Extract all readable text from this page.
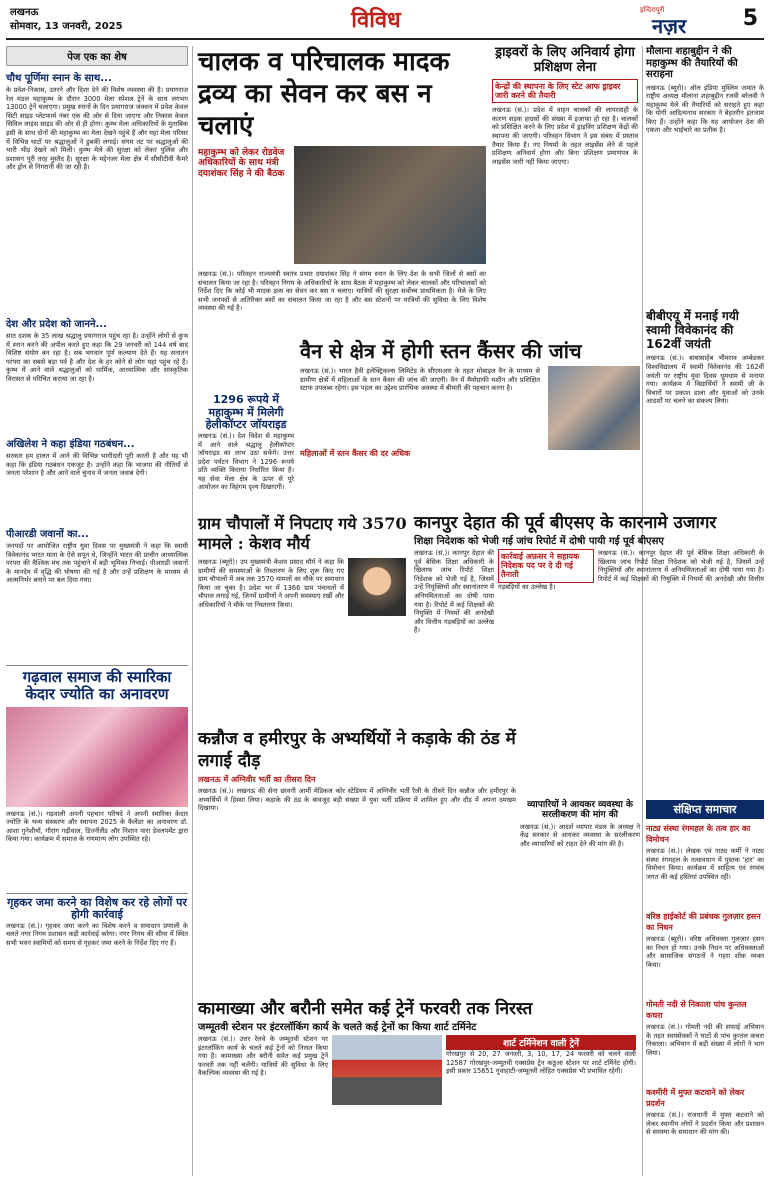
लखनऊ
सोमवार, 13 जनवरी, 2025	विविध	इन्दिरापुरी
नज़र	5
पेज एक का शेष
चौथ पूर्णिमा स्नान के साथ...

के प्रवेश-निकास, उतरने और दिशा देने की विशेष व्यवस्था की है। प्रयागराज रेल मंडल महाकुम्भ के दौरान 3000 मेला स्पेशल ट्रेनें के साथ लगभग 13000 ट्रेनें चलाएगा। प्रमुख स्नानों के दिन प्रयागराज जंक्शन में प्रवेश केवल सिटी साइड प्लेटफार्म नंबर एक की ओर से दिया जाएगा और निकास केवल सिविल लाइंस साइड की ओर से ही होगा। कुम्भ मेला अधिकारियों के मुताबिक इसी के साथ दोनों की महाकुम्भ का मेला देखने पहुंचे हैं और यहां मेला परिसर में विभिन्न घाटों पर श्रद्धालुओं ने डुबकी लगाई। संगम तट पर श्रद्धालुओं की भारी भीड़ देखने को मिली। कुम्भ मेले की सुरक्षा को लेकर पुलिस और प्रशासन पूरी तरह मुस्तैद है। सुरक्षा के मद्देनजर मेला क्षेत्र में सीसीटीवी कैमरे और ड्रोन से निगरानी की जा रही है।

देश और प्रदेश को जानने...

सात दशक के 35 लाख श्रद्धालु प्रयागराज पहुंच रहा है। उन्होंने लोगों से कुंभ में स्नान करने की अपील करते हुए कहा कि 29 जनवरी को 144 वर्ष बाद विशिष्ट संयोग बन रहा है। सब भगवान पूर्ण कल्याण देते हैं। यह सनातन परंपरा का सबसे बड़ा पर्व है और देश के हर कोने से लोग यहां पहुंच रहे हैं। कुम्भ में आने वाले श्रद्धालुओं को धार्मिक, आध्यात्मिक और सांस्कृतिक विरासत से परिचित कराया जा रहा है।

अखिलेश ने कहा इंडिया गठबंधन...

सरकार हम हालत में आने की विभिन्न भागीदारी पूरी करती है और यह भी कहा कि इंडिया गठबंधन एकजुट है। उन्होंने कहा कि भाजपा की नीतियों से जनता परेशान है और आने वाले चुनाव में जनता जवाब देगी।

पीआरडी जवानों का...

जनपदों पर आयोजित राष्ट्रीय युवा दिवस पर मुख्यमंत्री ने कहा कि स्वामी विवेकानंद भारत माता के ऐसे सपूत थे, जिन्होंने भारत की प्राचीन आध्यात्मिक परंपरा की वैश्विक मंच तक पहुंचाने में बड़ी भूमिका निभाई। पीआरडी जवानों के मानदेय में वृद्धि की घोषणा की गई है और उन्हें प्रशिक्षण के माध्यम से आत्मनिर्भर बनाने पर बल दिया गया।

गढ़वाल समाज की स्मारिका केदार ज्योति का अनावरण

लखनऊ (सं.)। गढ़वाली अपनी पहचान परिषदे ने अपनी स्मारिका केदार ज्योति के भव्य संस्करण और स्थापना 2025 के कैलेंडर का अनावरण डॉ. आशा गुनेशीयों, गौरांग गढ़ीवाल, डिज्नीलैंड और निशान पारा डेवलपमेंट द्वारा किया गया। कार्यक्रम में समाज के गणमान्य लोग उपस्थित रहे।

गृहकर जमा करने का विशेष कर रहे लोगों पर होगी कार्रवाई

लखनऊ (सं.)। गृहकर जमा करने का विशेष करने व समाधान प्रणाली के चलते नगर निगम प्रशासन कड़ी कार्रवाई करेगा। नगर निगम की सीमा में स्थित सभी भवन स्वामियों को समय से गृहकर जमा करने के निर्देश दिए गए हैं।

चालक व परिचालक मादक द्रव्य का सेवन कर बस न चलाएं
महाकुम्भ को लेकर रोडवेज अधिकारियों के साथ मंत्री दयाशंकर सिंह ने की बैठक

लखनऊ (सं.)। परिवहन राज्यमंत्री स्वतंत्र प्रभार दयाशंकर सिंह ने संगम स्नान के लिए देश के सभी जिलों से बसों का संचालन किया जा रहा है। परिवहन निगम के अधिकारियों के साथ बैठक में महाकुम्भ को लेकर चालकों और परिचालकों को निर्देश दिए कि कोई भी मादक द्रव्य का सेवन कर बस न चलाए। यात्रियों की सुरक्षा सर्वोच्च प्राथमिकता है। मेले के लिए सभी जनपदों से अतिरिक्त बसों का संचालन किया जा रहा है और बस स्टेशनों पर यात्रियों की सुविधा के लिए विशेष व्यवस्था की गई है।

1296 रूपये में महाकुम्भ में मिलेगी हेलीकॉप्टर जॉयराइड

लखनऊ (सं.)। देश विदेश से महाकुम्भ में आने वाले श्रद्धालु हेलीकॉप्टर जॉयराइड का लाभ उठा सकेंगे। उत्तर प्रदेश पर्यटन विभाग ने 1296 रूपये प्रति व्यक्ति किराया निर्धारित किया है। यह सेवा मेला क्षेत्र के ऊपर से पूरे आयोजन का विहंगम दृश्य दिखाएगी।

ड्राइवरों के लिए अनिवार्य होगा प्रशिक्षण लेना
केन्द्रों की स्थापना के लिए स्टेट आफ ड्राइवर जारी करने की तैयारी

लखनऊ (सं.)। प्रदेश में वाहन चालकों की लापरवाही के कारण सड़क हादसों की संख्या में इजाफा हो रहा है। चालकों को प्रशिक्षित करने के लिए प्रदेश में ड्राइविंग प्रशिक्षण केंद्रों की स्थापना की जाएगी। परिवहन विभाग ने इस संबंध में प्रस्ताव तैयार किया है। नए नियमों के तहत लाइसेंस लेने से पहले प्रशिक्षण अनिवार्य होगा और बिना प्रशिक्षण प्रमाणपत्र के लाइसेंस जारी नहीं किया जाएगा।

मौलाना शहाबुद्दीन ने की महाकुम्भ की तैयारियों की सराहना

लखनऊ (ब्यूरो)। ऑल इंडिया मुस्लिम जमात के राष्ट्रीय अध्यक्ष मौलाना शहाबुद्दीन रजवी बरेलवी ने महाकुम्भ मेले की तैयारियों को सराहते हुए कहा कि योगी आदित्यनाथ सरकार ने बेहतरीन इंतजाम किए हैं। उन्होंने कहा कि यह आयोजन देश की एकता और भाईचारे का प्रतीक है।

वैन से क्षेत्र में होगी स्तन कैंसर की जांच

लखनऊ (सं.)। भारत हैवी इलेक्ट्रिकल्स लिमिटेड के सीएसआर के तहत मोबाइल वैन के माध्यम से ग्रामीण क्षेत्रों में महिलाओं के स्तन कैंसर की जांच की जाएगी। वैन में मैमोग्राफी मशीन और प्रशिक्षित स्टाफ उपलब्ध रहेगा। इस पहल का उद्देश्य प्रारंभिक अवस्था में बीमारी की पहचान करना है।

महिलाओं में स्तन कैंसर की दर अधिक
बीबीएयू में मनाई गयी स्वामी विवेकानंद की 162वीं जयंती

लखनऊ (सं.)। बाबासाहेब भीमराव अम्बेडकर विश्वविद्यालय में स्वामी विवेकानंद की 162वीं जयंती पर राष्ट्रीय युवा दिवस धूमधाम से मनाया गया। कार्यक्रम में विद्यार्थियों ने स्वामी जी के विचारों पर प्रकाश डाला और युवाओं को उनके आदर्शों पर चलने का संकल्प लिया।

ग्राम चौपालों में निपटाए गये 3570 मामले : केशव मौर्य

लखनऊ (ब्यूरो)। उप मुख्यमंत्री केशव प्रसाद मौर्य ने कहा कि ग्रामीणों की समस्याओं के निस्तारण के लिए शुरू किए गए ग्राम चौपालों में अब तक 3570 मामलों का मौके पर समाधान किया जा चुका है। प्रदेश भर में 1366 ग्राम पंचायतों में चौपाल लगाई गई, जिनमें ग्रामीणों ने अपनी समस्याएं रखीं और अधिकारियों ने मौके पर निस्तारण किया।

कानपुर देहात की पूर्व बीएसए के कारनामे उजागर
शिक्षा निदेशक को भेजी गई जांच रिपोर्ट में दोषी पायी गई पूर्व बीएसए

लखनऊ (सं.)। कानपुर देहात की पूर्व बेसिक शिक्षा अधिकारी के खिलाफ जांच रिपोर्ट शिक्षा निदेशक को भेजी गई है, जिसमें उन्हें नियुक्तियों और स्थानांतरण में अनियमितताओं का दोषी पाया गया है। रिपोर्ट में कई शिक्षकों की नियुक्ति में नियमों की अनदेखी और वित्तीय गड़बड़ियों का उल्लेख है।

कार्रवाई अफ़सर ने सहायक निदेशक पद पर दे दी गई तैनाती

लखनऊ (सं.)। कानपुर देहात की पूर्व बेसिक शिक्षा अधिकारी के खिलाफ जांच रिपोर्ट शिक्षा निदेशक को भेजी गई है, जिसमें उन्हें नियुक्तियों और स्थानांतरण में अनियमितताओं का दोषी पाया गया है। रिपोर्ट में कई शिक्षकों की नियुक्ति में नियमों की अनदेखी और वित्तीय गड़बड़ियों का उल्लेख है।

संक्षिप्त समाचार
नाट्य संस्था रंगमहल के तत्व हार का विमोचन

लखनऊ (सं.)। लेखक एवं नाट्य कर्मी ने नाट्य संस्था रंगमहल के तत्वावधान में पुस्तक 'हार' का विमोचन किया। कार्यक्रम में साहित्य एवं रंगमंच जगत की कई हस्तियां उपस्थित रहीं।

वरिष्ठ हाईकोर्ट की प्रबंधक गुलज़ार हसन का निधन

लखनऊ (ब्यूरो)। वरिष्ठ अधिवक्ता गुलज़ार हसन का निधन हो गया। उनके निधन पर अधिवक्ताओं और सामाजिक संगठनों ने गहरा शोक व्यक्त किया।

गोमती नदी से निकाला पांच कुन्तल कचरा

लखनऊ (सं.)। गोमती नदी की सफाई अभियान के तहत स्वयंसेवकों ने घाटों से पांच कुन्तल कचरा निकाला। अभियान में बड़ी संख्या में लोगों ने भाग लिया।

कश्मीरी में मुफ्त कटवाने को लेकर प्रदर्शन

लखनऊ (सं.)। राजधानी में मुफ्त कटवाने को लेकर स्थानीय लोगों ने प्रदर्शन किया और प्रशासन से समस्या के समाधान की मांग की।

व्यापारियों ने आयकर व्यवस्था के सरलीकरण की मांग की

लखनऊ (सं.)। आदर्श व्यापार मंडल के अध्यक्ष ने केंद्र सरकार से आयकर व्यवस्था के सरलीकरण और व्यापारियों को राहत देने की मांग की है।

कन्नौज व हमीरपुर के अभ्यर्थियों ने कड़ाके की ठंड में लगाई दौड़
लखनऊ में अग्निवीर भर्ती का तीसरा दिन

लखनऊ (सं.)। लखनऊ की सेना छावनी आर्मी मेडिकल कोर स्टेडियम में अग्निवीर भर्ती रैली के तीसरे दिन कन्नौज और हमीरपुर के अभ्यर्थियों ने हिस्सा लिया। कड़ाके की ठंड के बावजूद बड़ी संख्या में युवा भर्ती प्रक्रिया में शामिल हुए और दौड़ में अपना दमखम दिखाया।

कामाख्या और बरौनी समेत कई ट्रेनें फरवरी तक निरस्त
जम्मूतवी स्टेशन पर इंटरलॉकिंग कार्य के चलते कई ट्रेनों का किया शार्ट टर्मिनेट

लखनऊ (सं.)। उत्तर रेलवे के जम्मूतवी स्टेशन पर इंटरलॉकिंग कार्य के चलते कई ट्रेनों को निरस्त किया गया है। कामाख्या और बरौनी समेत कई प्रमुख ट्रेनें फरवरी तक नहीं चलेंगी। यात्रियों की सुविधा के लिए वैकल्पिक व्यवस्था की गई है।

शार्ट टर्मिनेशन वाली ट्रेनें

गोरखपुर से 20, 27 जनवरी, 3, 10, 17, 24 फरवरी को चलने वाली 12587 गोरखपुर-जम्मूतवी एक्सप्रेस ट्रेन कठुआ स्टेशन पर शार्ट टर्मिनेट होगी। इसी प्रकार 15651 गुवाहाटी-जम्मूतवी लोहित एक्सप्रेस भी प्रभावित रहेगी।
